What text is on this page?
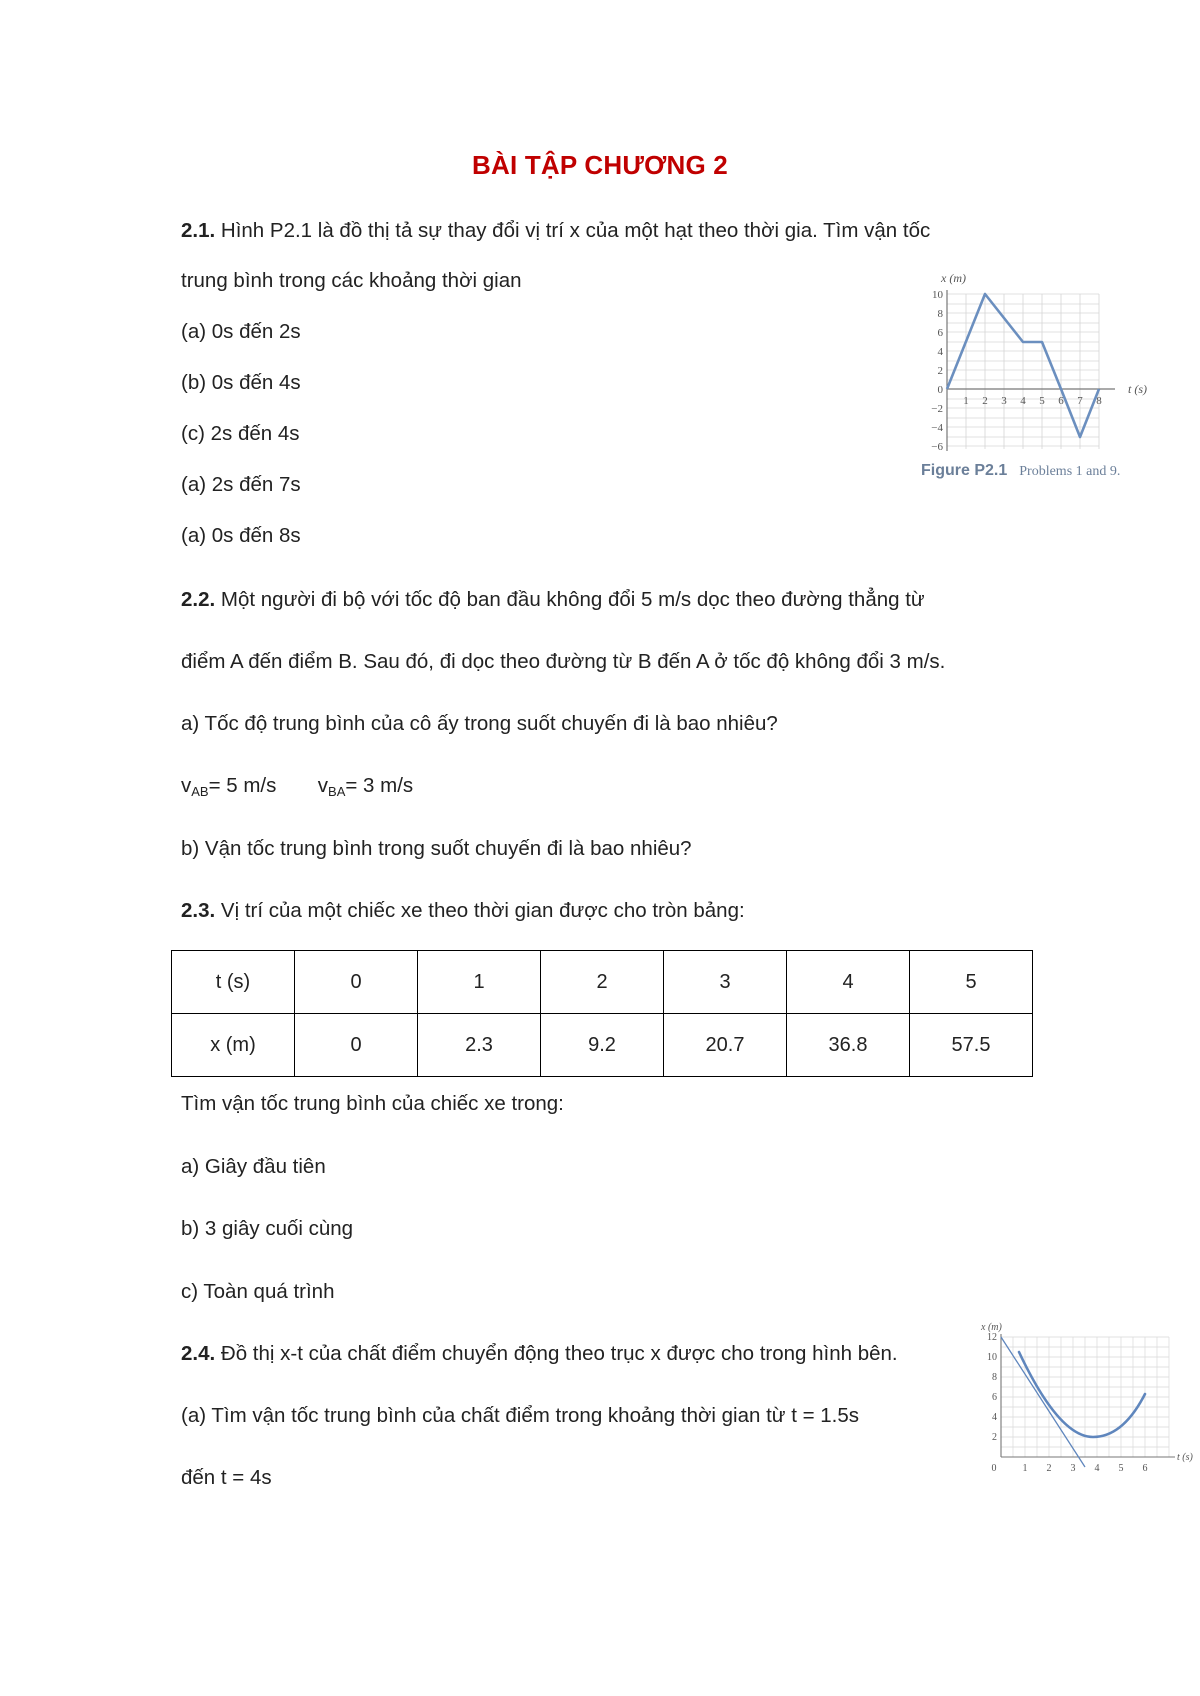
BÀI TẬP CHƯƠNG 2
2.1. Hình P2.1 là đồ thị tả sự thay đổi vị trí x của một hạt theo thời gia. Tìm vận tốc
trung bình trong các khoảng thời gian
(a) 0s đến 2s
(b) 0s đến 4s
(c) 2s đến 4s
(a) 2s đến 7s
(a) 0s đến 8s
x (m)
t (s)
10
8
6
4
2
0
−2
−4
−6
1 2 3 4 5 6 7 8
Figure P2.1 Problems 1 and 9.
2.2. Một người đi bộ với tốc độ ban đầu không đổi 5 m/s dọc theo đường thẳng từ
điểm A đến điểm B. Sau đó, đi dọc theo đường từ B đến A ở tốc độ không đổi 3 m/s.
a) Tốc độ trung bình của cô ấy trong suốt chuyến đi là bao nhiêu?
$v_{AB}= 5$ m/s $v_{BA}= 3$ m/s
b) Vận tốc trung bình trong suốt chuyến đi là bao nhiêu?
2.3. Vị trí của một chiếc xe theo thời gian được cho tròn bảng:
t (s)	0	1	2	3	4	5
x (m)	0	2.3	9.2	20.7	36.8	57.5
Tìm vận tốc trung bình của chiếc xe trong:
a) Giây đầu tiên
b) 3 giây cuối cùng
c) Toàn quá trình
2.4. Đồ thị x-t của chất điểm chuyển động theo trục x được cho trong hình bên.
(a) Tìm vận tốc trung bình của chất điểm trong khoảng thời gian từ t = 1.5s
đến t = 4s
x (m)
t (s)
12
10
8
6
4
2
0	1 2 3 4 5 6
